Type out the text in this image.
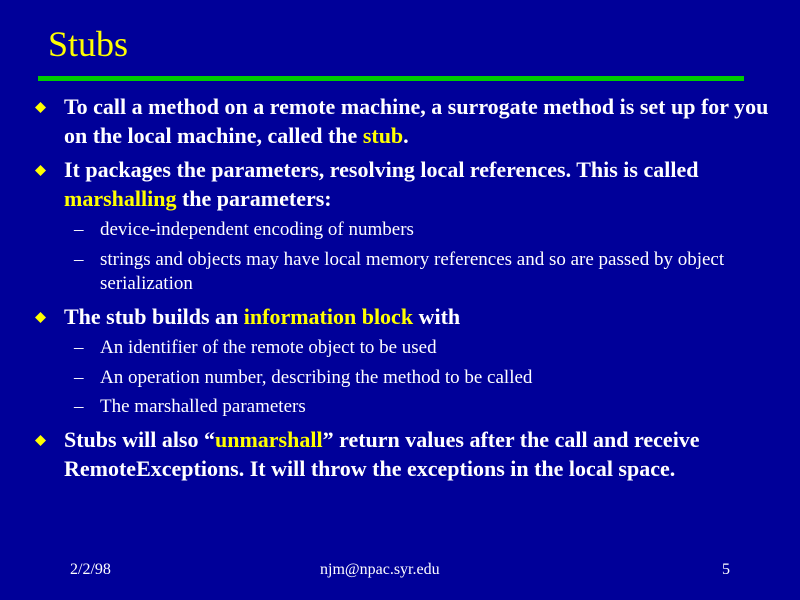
Stubs
To call a method on a remote machine, a surrogate method is set up for you on the local machine, called the stub.
It packages the parameters, resolving local references. This is called marshalling the parameters:
– device-independent encoding of numbers
– strings and objects may have local memory references and so are passed by object serialization
The stub builds an information block with
– An identifier of the remote object to be used
– An operation number, describing the method to be called
– The marshalled parameters
Stubs will also “unmarshall” return values after the call and receive RemoteExceptions. It will throw the exceptions in the local space.
2/2/98	njm@npac.syr.edu	5
